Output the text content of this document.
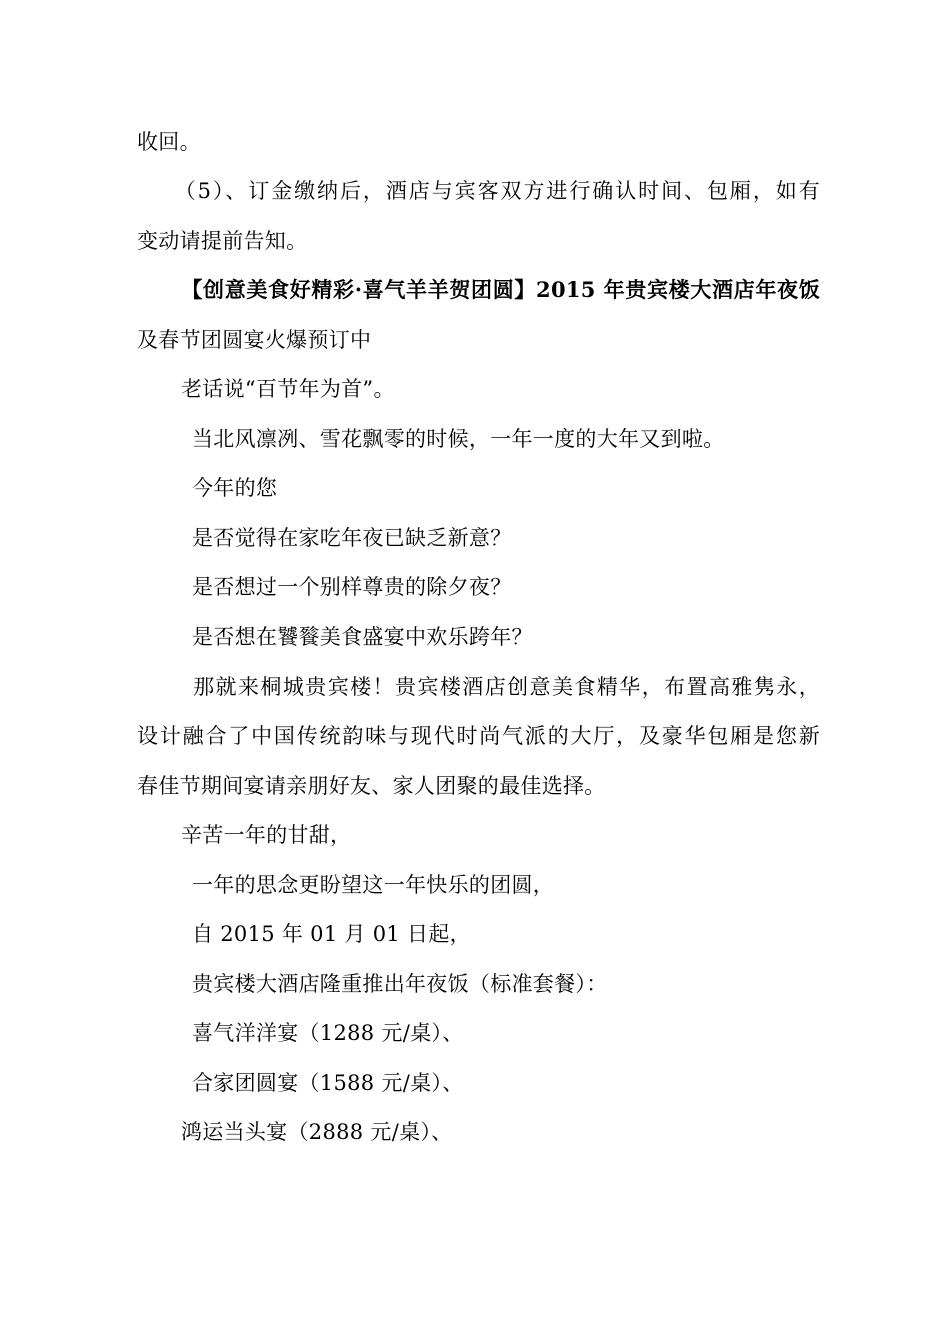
收回。
（5）、订金缴纳后，酒店与宾客双方进行确认时间、包厢，如有
变动请提前告知。
【创意美食好精彩·喜气羊羊贺团圆】2015 年贵宾楼大酒店年夜饭
及春节团圆宴火爆预订中
老话说“百节年为首”。
当北风凛冽、雪花飘零的时候，一年一度的大年又到啦。
今年的您
是否觉得在家吃年夜已缺乏新意？
是否想过一个别样尊贵的除夕夜？
是否想在饕餮美食盛宴中欢乐跨年？
那就来桐城贵宾楼！贵宾楼酒店创意美食精华，布置高雅隽永，
设计融合了中国传统韵味与现代时尚气派的大厅，及豪华包厢是您新
春佳节期间宴请亲朋好友、家人团聚的最佳选择。
辛苦一年的甘甜，
一年的思念更盼望这一年快乐的团圆，
自 2015 年 01 月 01 日起，
贵宾楼大酒店隆重推出年夜饭（标准套餐）：
喜气洋洋宴（1288 元/桌）、
合家团圆宴（1588 元/桌）、
鸿运当头宴（2888 元/桌）、
